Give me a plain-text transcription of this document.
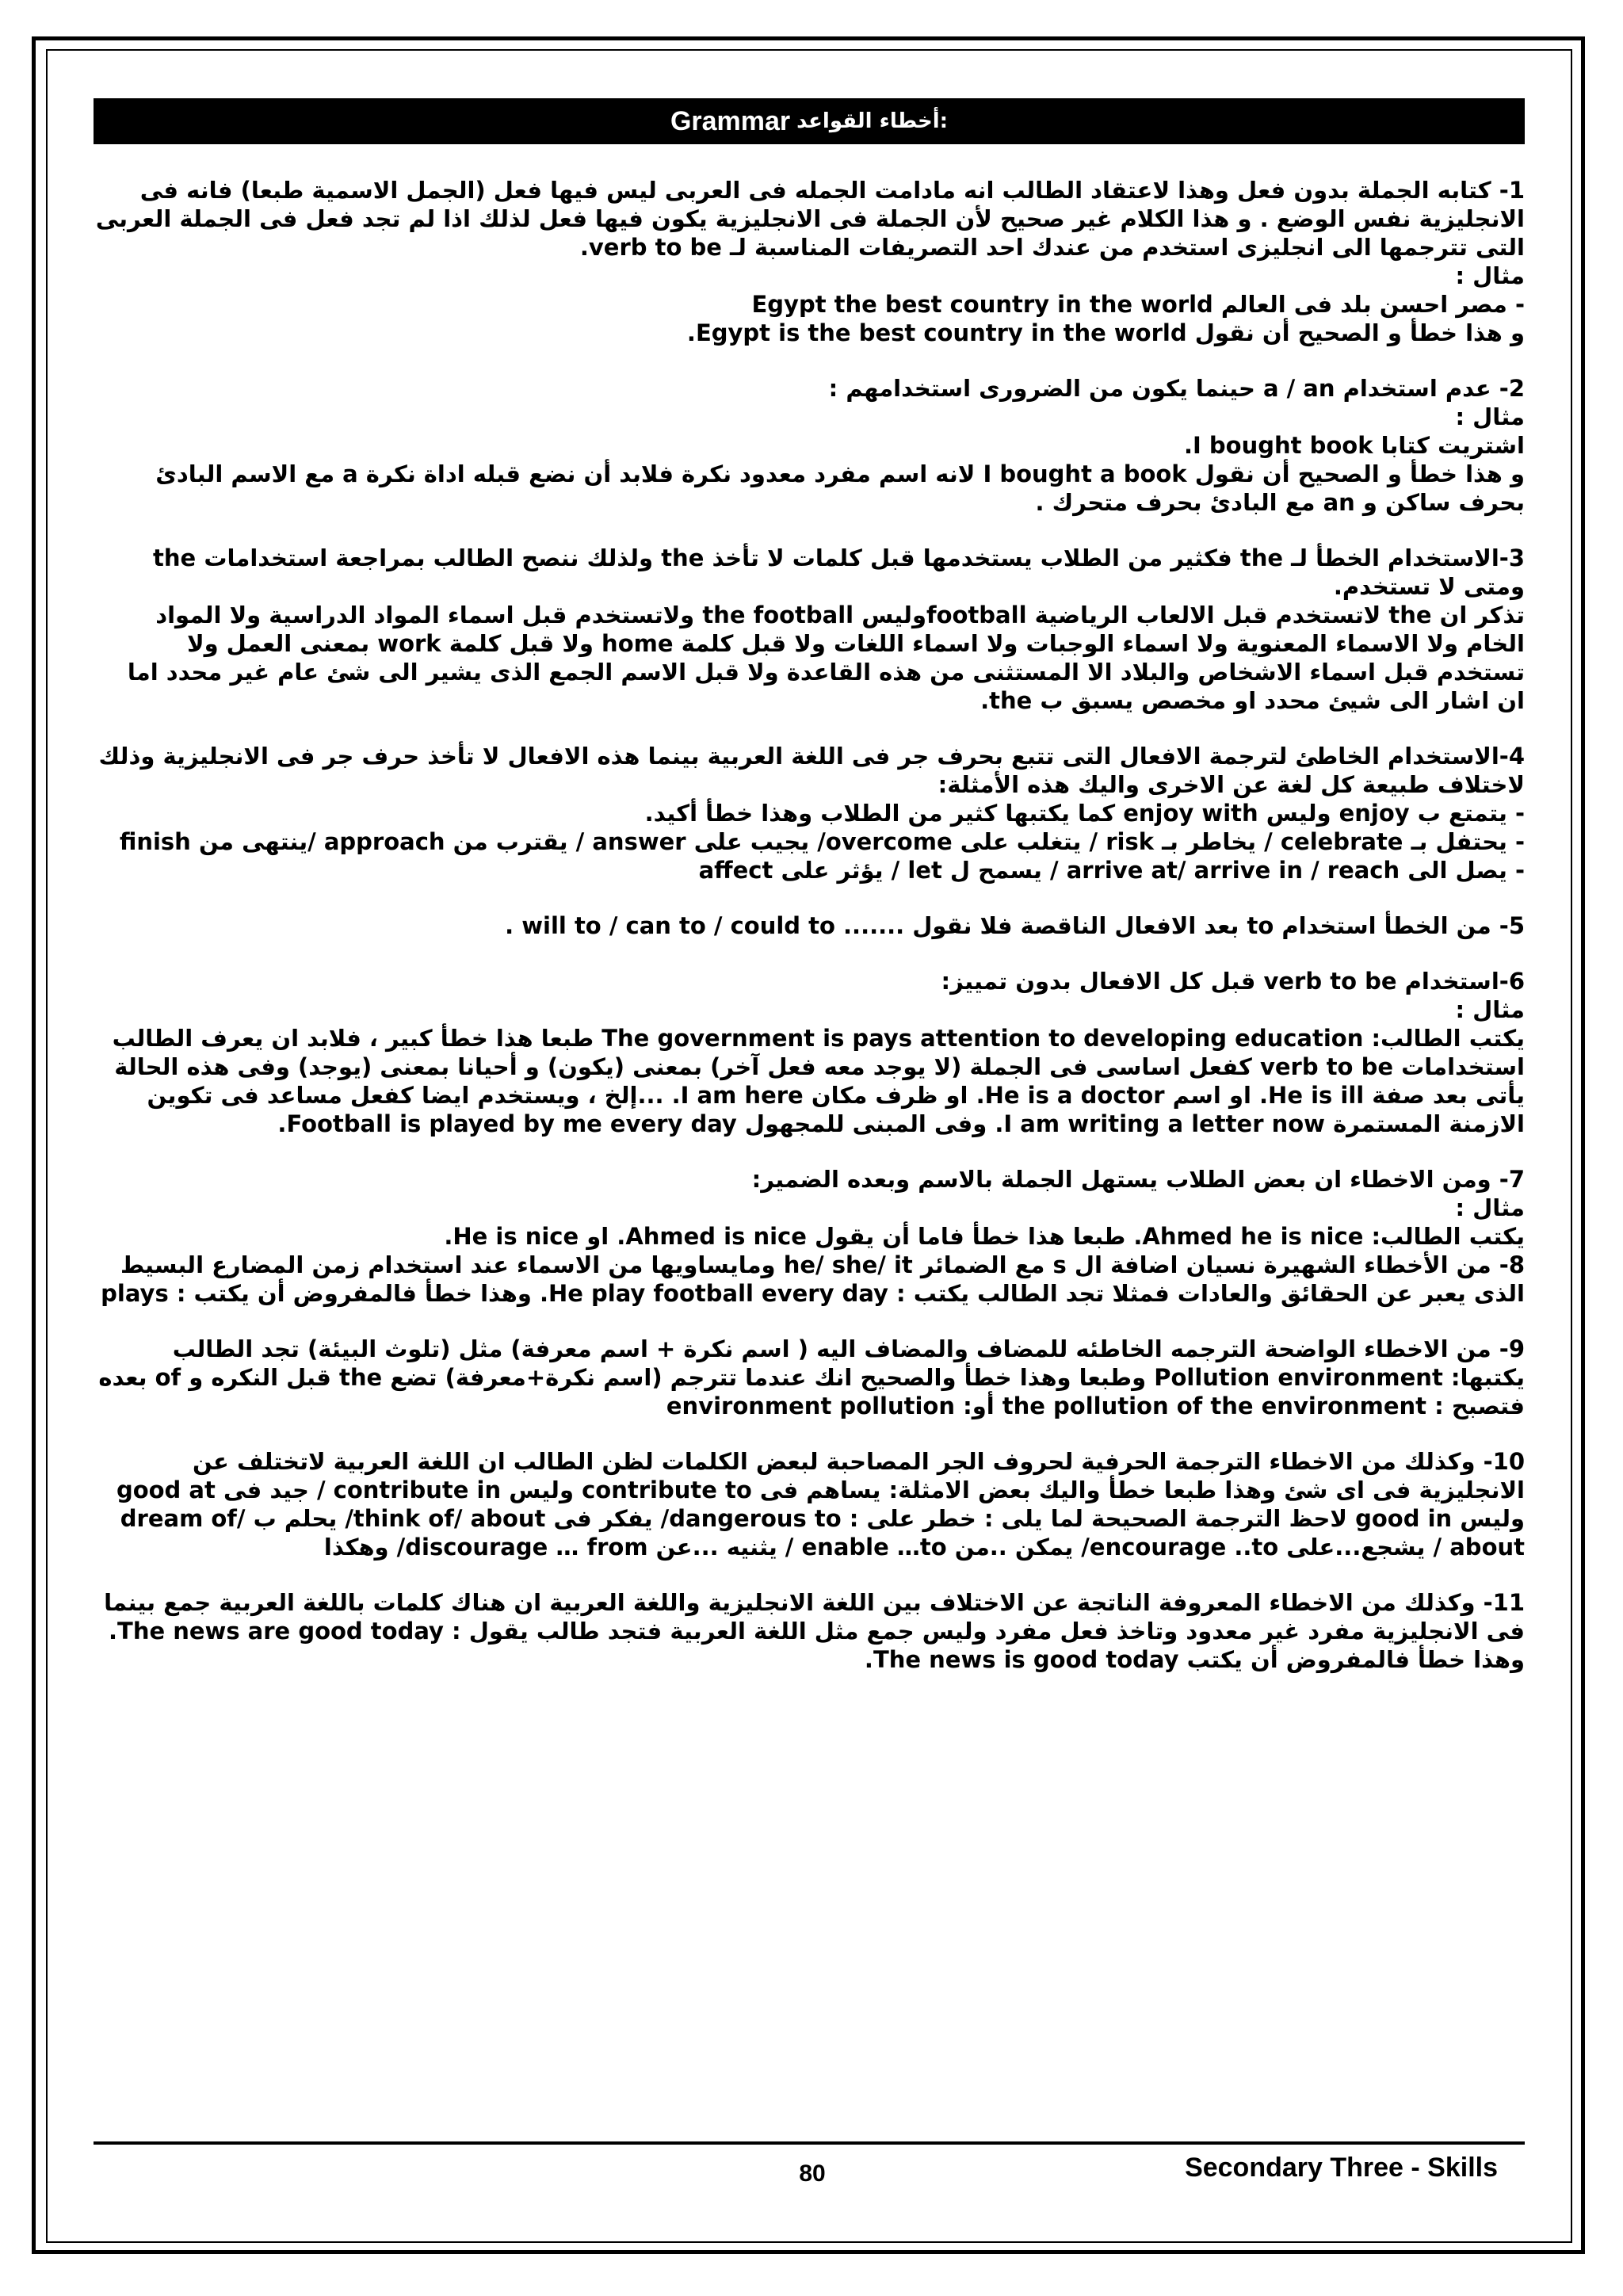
Grammar أخطاء القواعد:

1- كتابه الجملة بدون فعل وهذا لاعتقاد الطالب انه مادامت الجمله فى العربى ليس فيها فعل (الجمل الاسمية طبعا) فانه فى الانجليزية نفس الوضع . و هذا الكلام غير صحيح لأن الجملة فى الانجليزية يكون فيها فعل لذلك اذا لم تجد فعل فى الجملة العربى التى تترجمها الى انجليزى استخدم من عندك احد التصريفات المناسبة لـ verb to be.

مثال :

- مصر احسن بلد فى العالم Egypt the best country in the world

و هذا خطأ و الصحيح أن نقول Egypt is the best country in the world.

2- عدم استخدام a / an حينما يكون من الضرورى استخدامهم :

مثال :

اشتريت كتابا I bought book.

و هذا خطأ و الصحيح أن نقول I bought a book لانه اسم مفرد معدود نكرة فلابد أن نضع قبله اداة نكرة a مع الاسم البادئ بحرف ساكن و an مع البادئ بحرف متحرك .

3-الاستخدام الخطأ لـ the فكثير من الطلاب يستخدمها قبل كلمات لا تأخذ the ولذلك ننصح الطالب بمراجعة استخدامات the ومتى لا تستخدم.

تذكر ان the لاتستخدم قبل الالعاب الرياضية footballوليس the football ولاتستخدم قبل اسماء المواد الدراسية ولا المواد الخام ولا الاسماء المعنوية ولا اسماء الوجبات ولا اسماء اللغات ولا قبل كلمة home ولا قبل كلمة work بمعنى العمل ولا تستخدم قبل اسماء الاشخاص والبلاد الا المستثنى من هذه القاعدة ولا قبل الاسم الجمع الذى يشير الى شئ عام غير محدد اما ان اشار الى شيئ محدد او مخصص يسبق ب the.

4-الاستخدام الخاطئ لترجمة الافعال التى تتبع بحرف جر فى اللغة العربية بينما هذه الافعال لا تأخذ حرف جر فى الانجليزية وذلك لاختلاف طبيعة كل لغة عن الاخرى واليك هذه الأمثلة:

- يتمتع ب enjoy وليس enjoy with كما يكتبها كثير من الطلاب وهذا خطأ أكيد.

- يحتفل بـ celebrate / يخاطر بـ risk / يتغلب على overcome/ يجيب على answer / يقترب من approach /ينتهى من finish

- يصل الى arrive at/ arrive in / reach / يسمح ل let / يؤثر على affect

5- من الخطأ استخدام to بعد الافعال الناقصة فلا نقول ....... will to / can to / could to .

6-استخدام verb to be قبل كل الافعال بدون تمييز:

مثال :

يكتب الطالب: The government is pays attention to developing education طبعا هذا خطأ كبير ، فلابد ان يعرف الطالب استخدامات verb to be كفعل اساسى فى الجملة (لا يوجد معه فعل آخر) بمعنى (يكون) و أحيانا بمعنى (يوجد) وفى هذه الحالة يأتى بعد صفة He is ill. او اسم He is a doctor. او ظرف مكان I am here. ...إلخ ، ويستخدم ايضا كفعل مساعد فى تكوين الازمنة المستمرة I am writing a letter now. وفى المبنى للمجهول Football is played by me every day.

7- ومن الاخطاء ان بعض الطلاب يستهل الجملة بالاسم وبعده الضمير:

مثال :

يكتب الطالب: Ahmed he is nice. طبعا هذا خطأ فاما أن يقول Ahmed is nice. او He is nice.

8- من الأخطاء الشهيرة نسيان اضافة ال s مع الضمائر he/ she/ it ومايساويها من الاسماء عند استخدام زمن المضارع البسيط الذى يعبر عن الحقائق والعادات فمثلا تجد الطالب يكتب : He play football every day. وهذا خطأ فالمفروض أن يكتب : plays

9- من الاخطاء الواضحة الترجمه الخاطئه للمضاف والمضاف اليه ( اسم نكرة + اسم معرفة) مثل (تلوث البيئة) تجد الطالب يكتبها: Pollution environment وطبعا وهذا خطأ والصحيح انك عندما تترجم (اسم نكرة+معرفة) تضع the قبل النكره و of بعده فتصبح : the pollution of the environment أو: environment pollution

10- وكذلك من الاخطاء الترجمة الحرفية لحروف الجر المصاحبة لبعض الكلمات لظن الطالب ان اللغة العربية لاتختلف عن الانجليزية فى اى شئ وهذا طبعا خطأ واليك بعض الامثلة: يساهم فى contribute to وليس contribute in / جيد فى good at وليس good in لاحظ الترجمة الصحيحة لما يلى : خطر على : dangerous to/ يفكر فى think of/ about/ يحلم ب dream of/ about / يشجع...على encourage ..to/ يمكن ..من enable …to / يثنيه ...عن discourage … from/ وهكذا

11- وكذلك من الاخطاء المعروفة الناتجة عن الاختلاف بين اللغة الانجليزية واللغة العربية ان هناك كلمات باللغة العربية جمع بينما فى الانجليزية مفرد غير معدود وتاخذ فعل مفرد وليس جمع مثل اللغة العربية فتجد طالب يقول : The news are good today. وهذا خطأ فالمفروض أن يكتب The news is good today.

80	Secondary Three - Skills
